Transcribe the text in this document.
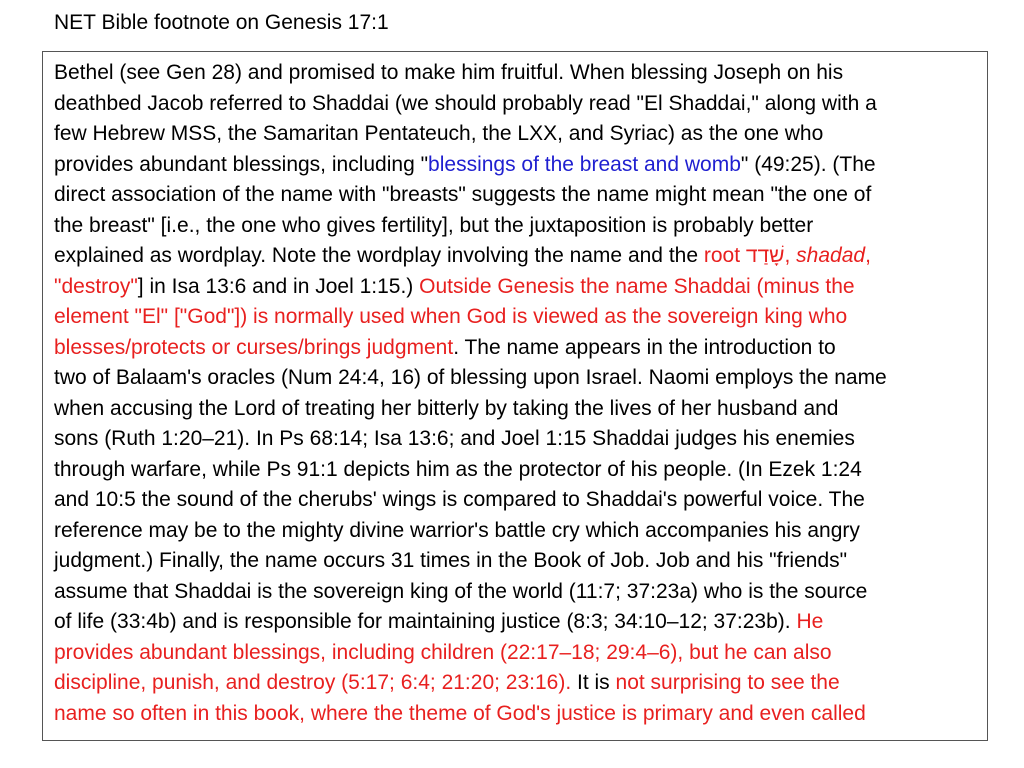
NET Bible footnote on Genesis 17:1
Bethel (see Gen 28) and promised to make him fruitful. When blessing Joseph on his
deathbed Jacob referred to Shaddai (we should probably read "El Shaddai," along with a
few Hebrew MSS, the Samaritan Pentateuch, the LXX, and Syriac) as the one who
provides abundant blessings, including "blessings of the breast and womb" (49:25). (The
direct association of the name with "breasts" suggests the name might mean "the one of
the breast" [i.e., the one who gives fertility], but the juxtaposition is probably better
explained as wordplay. Note the wordplay involving the name and the root שָׁדַד, shadad,
"destroy"] in Isa 13:6 and in Joel 1:15.) Outside Genesis the name Shaddai (minus the
element "El" ["God"]) is normally used when God is viewed as the sovereign king who
blesses/protects or curses/brings judgment. The name appears in the introduction to
two of Balaam's oracles (Num 24:4, 16) of blessing upon Israel. Naomi employs the name
when accusing the Lord of treating her bitterly by taking the lives of her husband and
sons (Ruth 1:20–21). In Ps 68:14; Isa 13:6; and Joel 1:15 Shaddai judges his enemies
through warfare, while Ps 91:1 depicts him as the protector of his people. (In Ezek 1:24
and 10:5 the sound of the cherubs' wings is compared to Shaddai's powerful voice. The
reference may be to the mighty divine warrior's battle cry which accompanies his angry
judgment.) Finally, the name occurs 31 times in the Book of Job. Job and his "friends"
assume that Shaddai is the sovereign king of the world (11:7; 37:23a) who is the source
of life (33:4b) and is responsible for maintaining justice (8:3; 34:10–12; 37:23b). He
provides abundant blessings, including children (22:17–18; 29:4–6), but he can also
discipline, punish, and destroy (5:17; 6:4; 21:20; 23:16). It is not surprising to see the
name so often in this book, where the theme of God's justice is primary and even called
